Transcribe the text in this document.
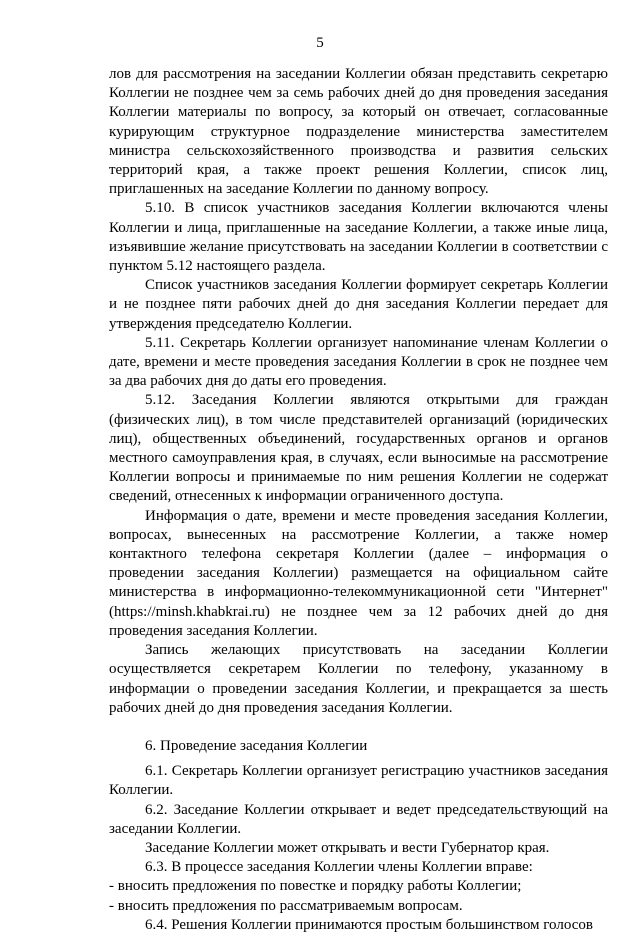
5

лов для рассмотрения на заседании Коллегии обязан представить секретарю Коллегии не позднее чем за семь рабочих дней до дня проведения заседания Коллегии материалы по вопросу, за который он отвечает, согласованные курирующим структурное подразделение министерства заместителем министра сельскохозяйственного производства и развития сельских территорий края, а также проект решения Коллегии, список лиц, приглашенных на заседание Коллегии по данному вопросу.

5.10. В список участников заседания Коллегии включаются члены Коллегии и лица, приглашенные на заседание Коллегии, а также иные лица, изъявившие желание присутствовать на заседании Коллегии в соответствии с пунктом 5.12 настоящего раздела.

Список участников заседания Коллегии формирует секретарь Коллегии и не позднее пяти рабочих дней до дня заседания Коллегии передает для утверждения председателю Коллегии.

5.11. Секретарь Коллегии организует напоминание членам Коллегии о дате, времени и месте проведения заседания Коллегии в срок не позднее чем за два рабочих дня до даты его проведения.

5.12. Заседания Коллегии являются открытыми для граждан (физических лиц), в том числе представителей организаций (юридических лиц), общественных объединений, государственных органов и органов местного самоуправления края, в случаях, если выносимые на рассмотрение Коллегии вопросы и принимаемые по ним решения Коллегии не содержат сведений, отнесенных к информации ограниченного доступа.

Информация о дате, времени и месте проведения заседания Коллегии, вопросах, вынесенных на рассмотрение Коллегии, а также номер контактного телефона секретаря Коллегии (далее – информация о проведении заседания Коллегии) размещается на официальном сайте министерства в информационно-телекоммуникационной сети "Интернет" (https://minsh.khabkrai.ru) не позднее чем за 12 рабочих дней до дня проведения заседания Коллегии.

Запись желающих присутствовать на заседании Коллегии осуществляется секретарем Коллегии по телефону, указанному в информации о проведении заседания Коллегии, и прекращается за шесть рабочих дней до дня проведения заседания Коллегии.

6. Проведение заседания Коллегии

6.1. Секретарь Коллегии организует регистрацию участников заседания Коллегии.

6.2. Заседание Коллегии открывает и ведет председательствующий на заседании Коллегии.

Заседание Коллегии может открывать и вести Губернатор края.

6.3. В процессе заседания Коллегии члены Коллегии вправе:

- вносить предложения по повестке и порядку работы Коллегии;

- вносить предложения по рассматриваемым вопросам.

6.4. Решения Коллегии принимаются простым большинством голосов
